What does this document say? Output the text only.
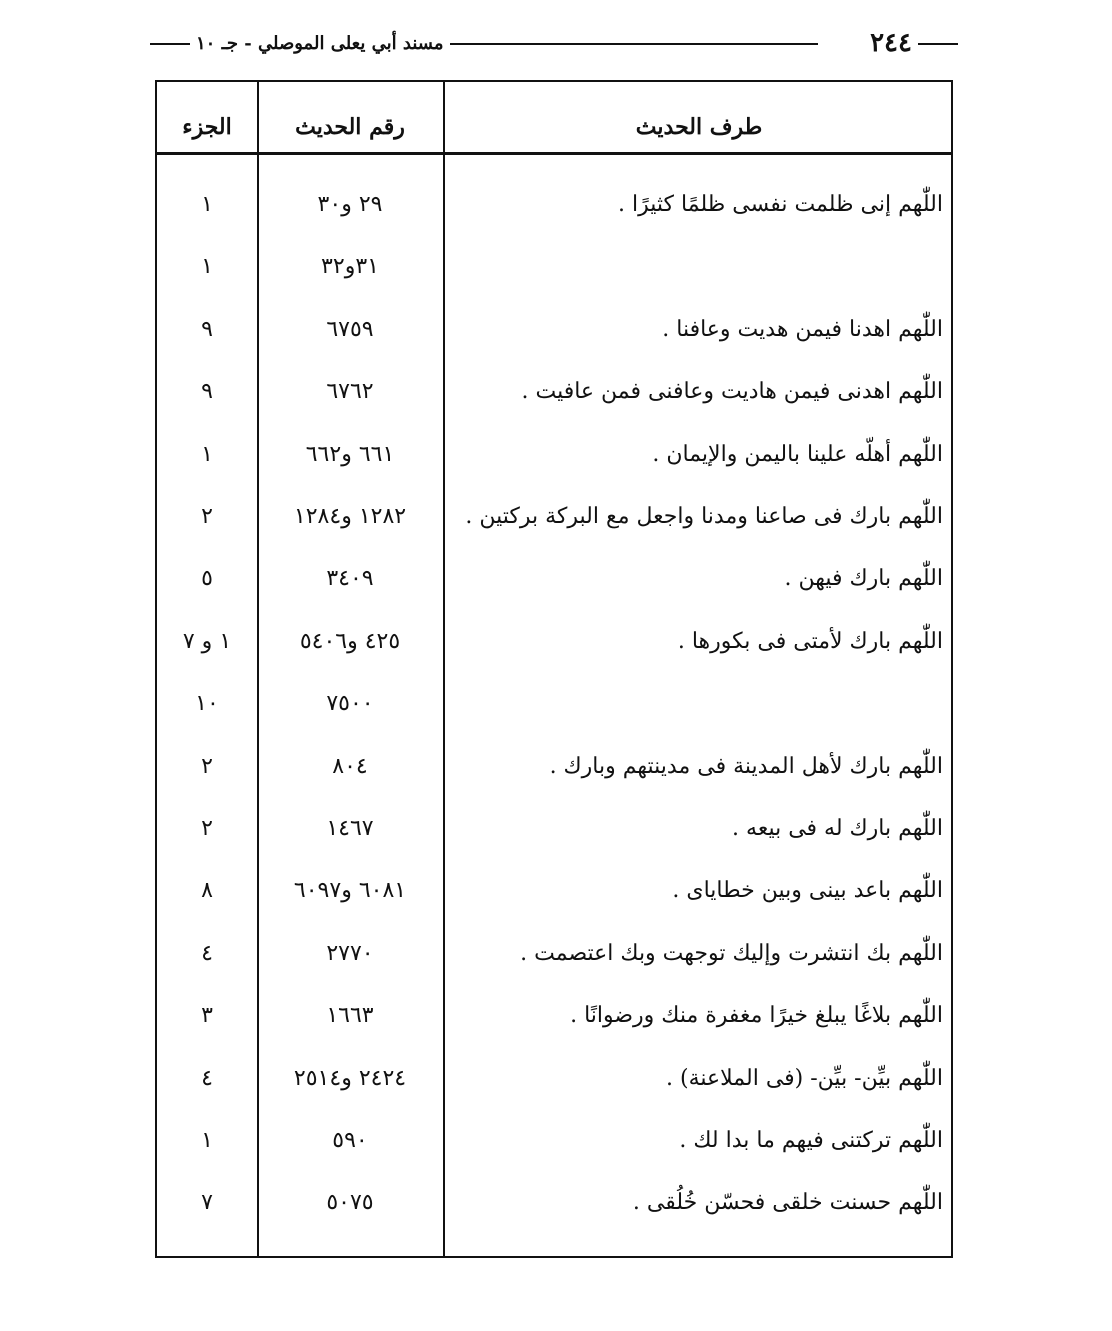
٢٤٤
مسند أبي يعلى الموصلي - جـ ١٠
طرف الحديث
رقم الحديث
الجزء
اللّٰهم إنى ظلمت نفسى ظلمًا كثيرًا .
٢٩ و٣٠
١
٣١و٣٢
١
اللّٰهم اهدنا فيمن هديت وعافنا .
٦٧٥٩
٩
اللّٰهم اهدنى فيمن هاديت وعافنى فمن عافيت .
٦٧٦٢
٩
اللّٰهم أهلّه علينا باليمن والإيمان .
٦٦١ و٦٦٢
١
اللّٰهم بارك فى صاعنا ومدنا واجعل مع البركة بركتين .
١٢٨٢ و١٢٨٤
٢
اللّٰهم بارك فيهن .
٣٤٠٩
٥
اللّٰهم بارك لأمتى فى بكورها .
٤٢٥ و٥٤٠٦
١ و ٧
٧٥٠٠
١٠
اللّٰهم بارك لأهل المدينة فى مدينتهم وبارك .
٨٠٤
٢
اللّٰهم بارك له فى بيعه .
١٤٦٧
٢
اللّٰهم باعد بينى وبين خطاياى .
٦٠٨١ و٦٠٩٧
٨
اللّٰهم بك انتشرت وإليك توجهت وبك اعتصمت .
٢٧٧٠
٤
اللّٰهم بلاغًا يبلغ خيرًا مغفرة منك ورضوانًا .
١٦٦٣
٣
اللّٰهم بيِّن- بيِّن- (فى الملاعنة) .
٢٤٢٤ و٢٥١٤
٤
اللّٰهم تركتنى فيهم ما بدا لك .
٥٩٠
١
اللّٰهم حسنت خلقى فحسّن خُلُقى .
٥٠٧٥
٧
